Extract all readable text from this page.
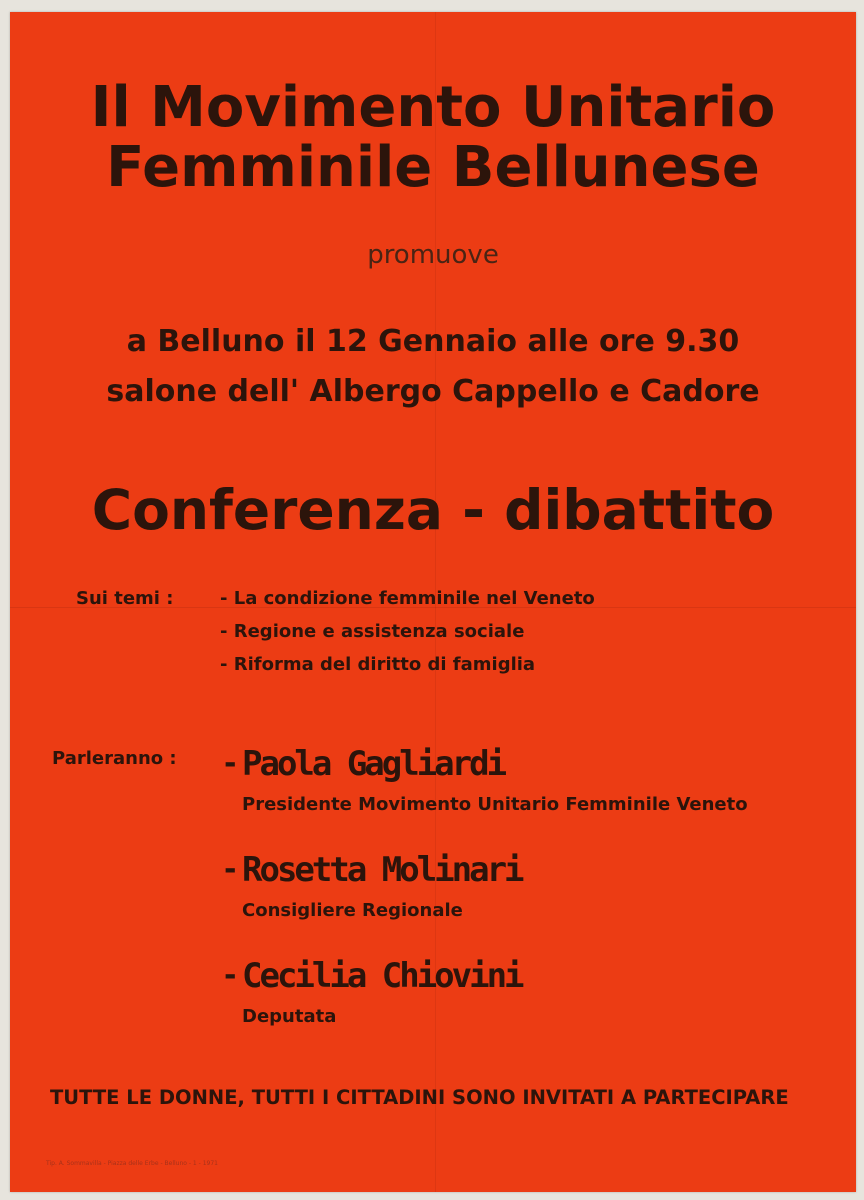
Il Movimento Unitario
Femminile Bellunese
promuove
a Belluno il 12 Gennaio alle ore 9.30
salone dell' Albergo Cappello e Cadore
Conferenza - dibattito
Sui temi :	- La condizione femminile nel Veneto
- Regione e assistenza sociale
- Riforma del diritto di famiglia
Parleranno : - Paola Gagliardi
Presidente Movimento Unitario Femminile Veneto
- Rosetta Molinari
Consigliere Regionale
- Cecilia Chiovini
Deputata
TUTTE LE DONNE, TUTTI I CITTADINI SONO INVITATI A PARTECIPARE
Tip. A. Sommavilla - Piazza delle Erbe - Belluno - 1 - 1971
